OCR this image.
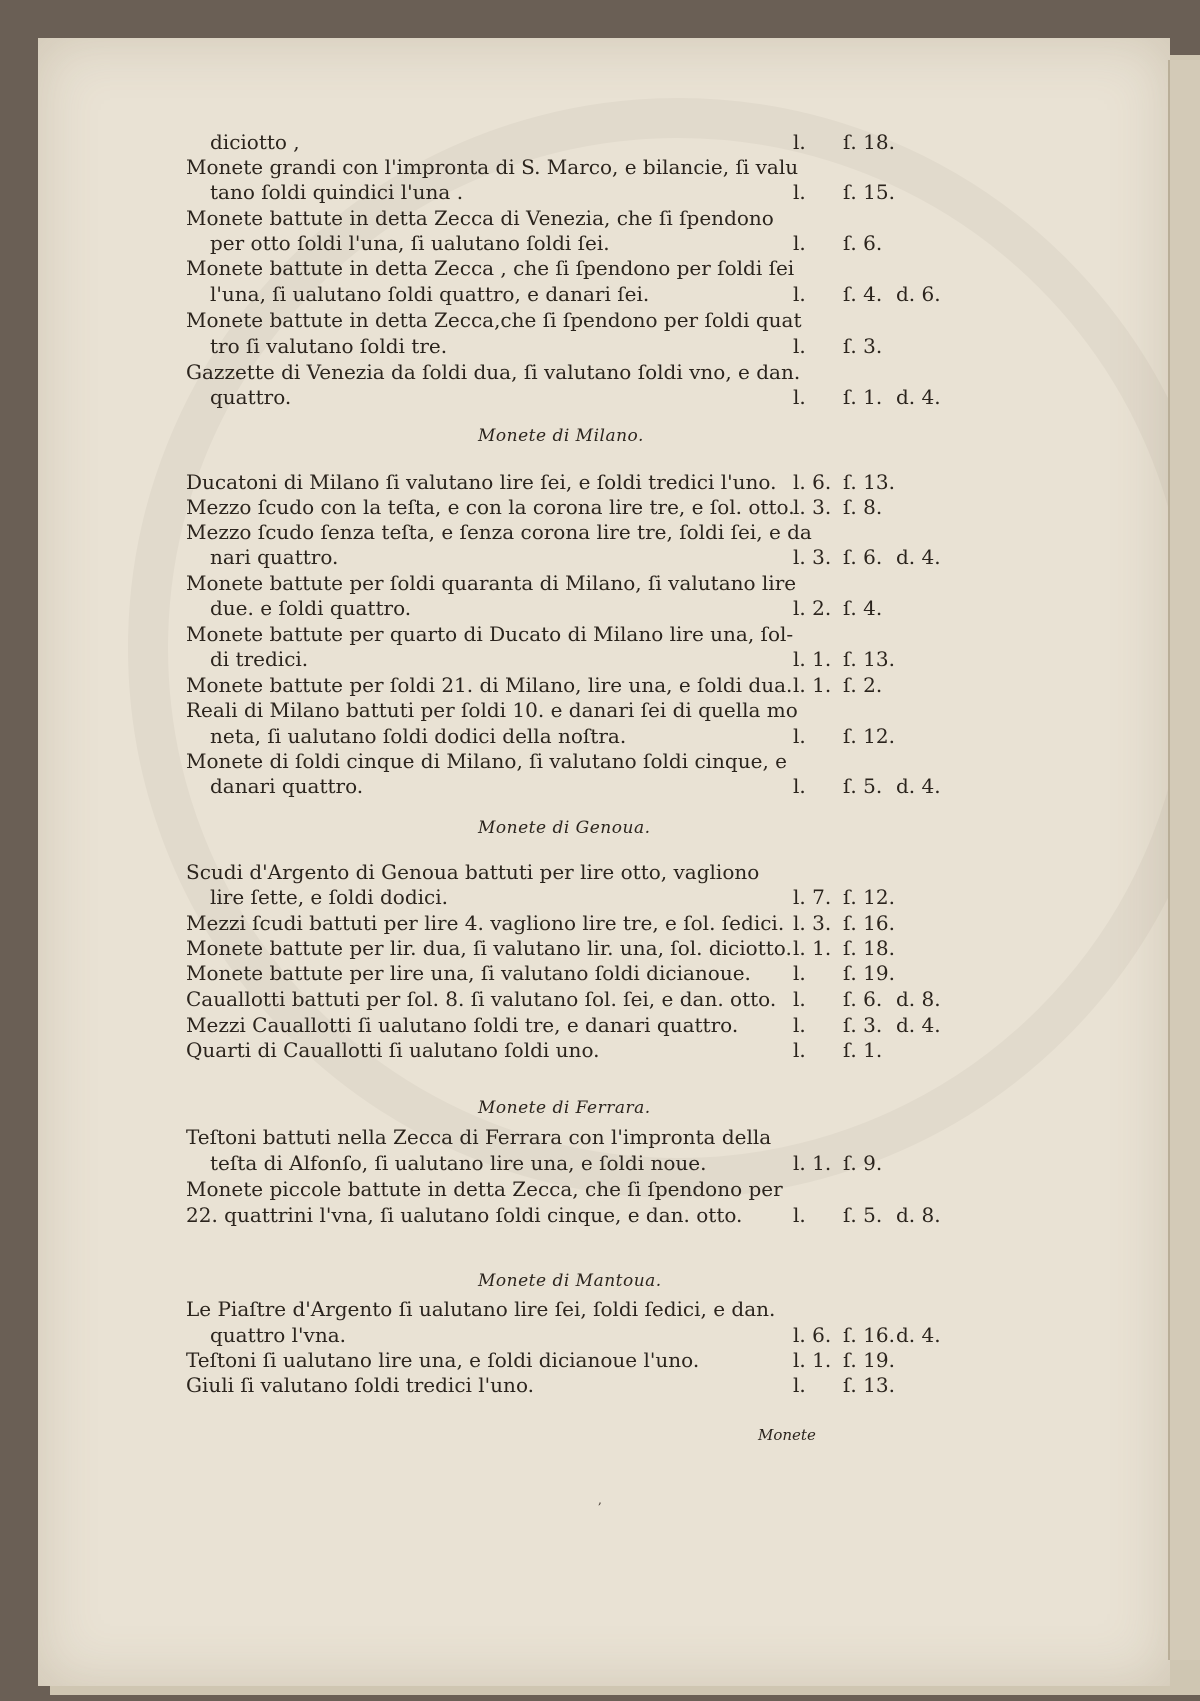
Monete
,
diciotto ,	l. ſ. 18.
Monete grandi con l'impronta di S. Marco, e bilancie, ſi valu
tano ſoldi quindici l'una .	l. ſ. 15.
Monete battute in detta Zecca di Venezia, che ſi ſpendono
per otto ſoldi l'una, ſi ualutano ſoldi ſei.	l. ſ. 6.
Monete battute in detta Zecca , che ſi ſpendono per ſoldi ſei
l'una, ſi ualutano ſoldi quattro, e danari ſei.	l. ſ. 4. d. 6.
Monete battute in detta Zecca,che ſi ſpendono per ſoldi quat
tro ſi valutano ſoldi tre.	l. ſ. 3.
Gazzette di Venezia da ſoldi dua, ſi valutano ſoldi vno, e dan.
quattro.	l. ſ. 1. d. 4.
Monete di Milano.
Ducatoni di Milano ſi valutano lire ſei, e ſoldi tredici l'uno. l. 6. ſ. 13.
Mezzo ſcudo con la teſta, e con la corona lire tre, e ſol. otto.
l. 3. ſ. 8.
Mezzo ſcudo ſenza teſta, e ſenza corona lire tre, ſoldi ſei, e da
nari quattro.	l. 3. ſ. 6. d. 4.
Monete battute per ſoldi quaranta di Milano, ſi valutano lire
due. e ſoldi quattro.	l. 2. ſ. 4.
Monete battute per quarto di Ducato di Milano lire una, ſol-
di tredici.	l. 1. ſ. 13.
Monete battute per ſoldi 21. di Milano, lire una, e ſoldi dua. l. 1. ſ. 2.
Reali di Milano battuti per ſoldi 10. e danari ſei di quella mo
neta, ſi ualutano ſoldi dodici della noſtra.	l. ſ. 12.
Monete di ſoldi cinque di Milano, ſi valutano ſoldi cinque, e
danari quattro.	l. ſ. 5. d. 4.
Monete di Genoua.
Scudi d'Argento di Genoua battuti per lire otto, vagliono
lire ſette, e ſoldi dodici.	l. 7. ſ. 12.
Mezzi ſcudi battuti per lire 4. vagliono lire tre, e ſol. ſedici. l. 3. ſ. 16.
Monete battute per lir. dua, ſi valutano lir. una, ſol. diciotto. l. 1. ſ. 18.
Monete battute per lire una, ſi valutano ſoldi dicianoue. l. ſ. 19.
Cauallotti battuti per ſol. 8. ſi valutano ſol. ſei, e dan. otto. l. ſ. 6. d. 8.
Mezzi Cauallotti ſi ualutano ſoldi tre, e danari quattro.	l. ſ. 3. d. 4.
Quarti di Cauallotti ſi ualutano ſoldi uno.	l. ſ. 1.
Monete di Ferrara.
Teſtoni battuti nella Zecca di Ferrara con l'impronta della
teſta di Alfonſo, ſi ualutano lire una, e ſoldi noue.	l. 1. ſ. 9.
Monete piccole battute in detta Zecca, che ſi ſpendono per
22. quattrini l'vna, ſi ualutano ſoldi cinque, e dan. otto.	l. ſ. 5. d. 8.
Monete di Mantoua.
Le Piaſtre d'Argento ſi ualutano lire ſei, ſoldi ſedici, e dan.
quattro l'vna.	l. 6. ſ. 16. d. 4.
Teſtoni ſi ualutano lire una, e ſoldi dicianoue l'uno.	l. 1. ſ. 19.
Giuli ſi valutano ſoldi tredici l'uno.	l. ſ. 13.
